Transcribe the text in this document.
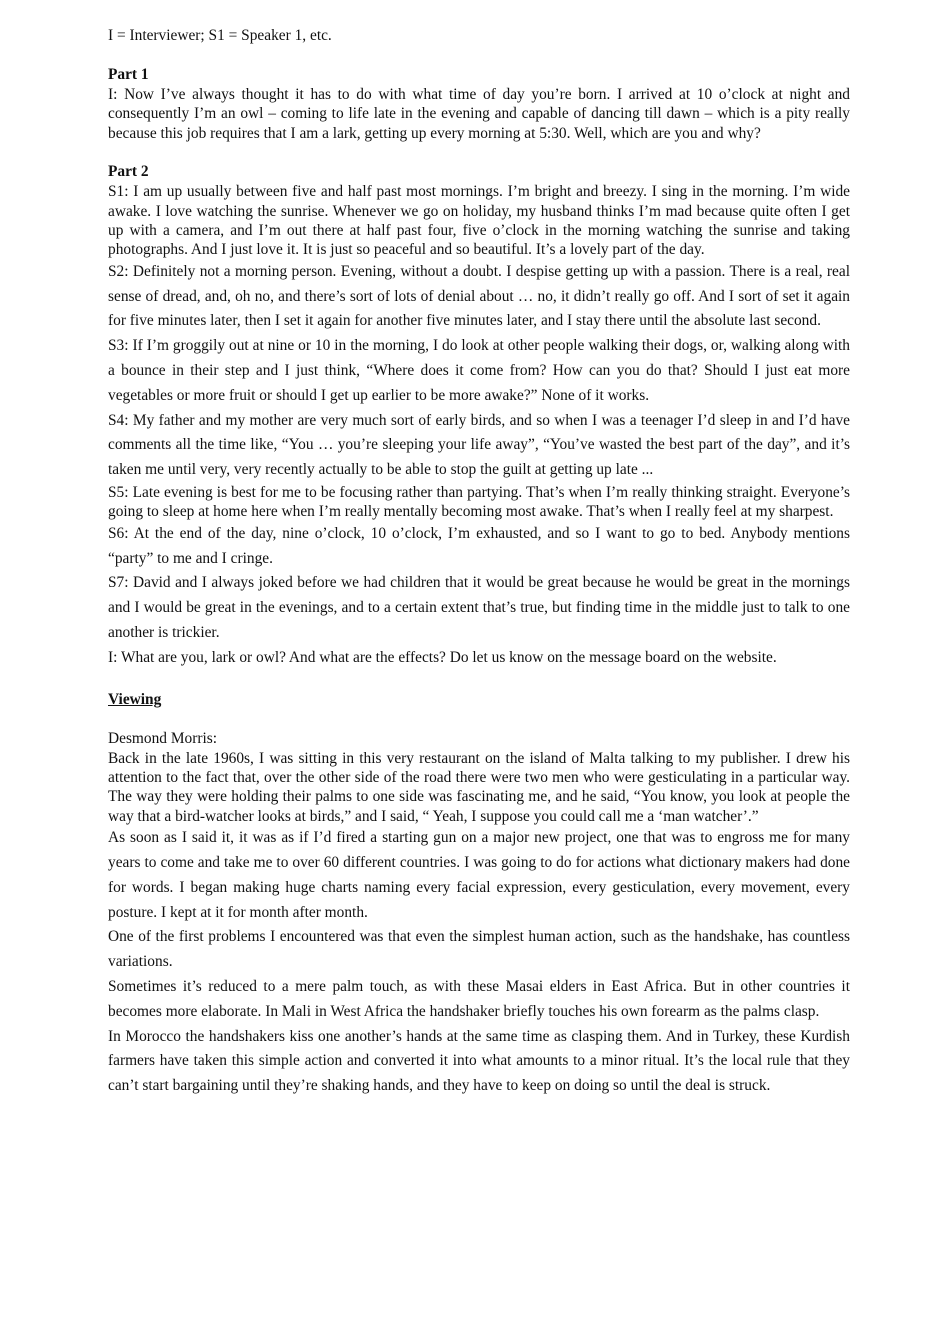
I = Interviewer; S1 = Speaker 1, etc.

Part 1

I: Now I’ve always thought it has to do with what time of day you’re born. I arrived at 10 o’clock at night and consequently I’m an owl – coming to life late in the evening and capable of dancing till dawn – which is a pity really because this job requires that I am a lark, getting up every morning at 5:30. Well, which are you and why?

Part 2

S1: I am up usually between five and half past most mornings. I’m bright and breezy. I sing in the morning. I’m wide awake. I love watching the sunrise. Whenever we go on holiday, my husband thinks I’m mad because quite often I get up with a camera, and I’m out there at half past four, five o’clock in the morning watching the sunrise and taking photographs. And I just love it. It is just so peaceful and so beautiful. It’s a lovely part of the day.

S2: Definitely not a morning person. Evening, without a doubt. I despise getting up with a passion. There is a real, real sense of dread, and, oh no, and there’s sort of lots of denial about … no, it didn’t really go off. And I sort of set it again for five minutes later, then I set it again for another five minutes later, and I stay there until the absolute last second.

S3: If I’m groggily out at nine or 10 in the morning, I do look at other people walking their dogs, or, walking along with a bounce in their step and I just think, “Where does it come from? How can you do that? Should I just eat more vegetables or more fruit or should I get up earlier to be more awake?” None of it works.

S4: My father and my mother are very much sort of early birds, and so when I was a teenager I’d sleep in and I’d have comments all the time like, “You … you’re sleeping your life away”, “You’ve wasted the best part of the day”, and it’s taken me until very, very recently actually to be able to stop the guilt at getting up late ...

S5: Late evening is best for me to be focusing rather than partying. That’s when I’m really thinking straight. Everyone’s going to sleep at home here when I’m really mentally becoming most awake. That’s when I really feel at my sharpest.

S6: At the end of the day, nine o’clock, 10 o’clock, I’m exhausted, and so I want to go to bed. Anybody mentions “party” to me and I cringe.

S7: David and I always joked before we had children that it would be great because he would be great in the mornings and I would be great in the evenings, and to a certain extent that’s true, but finding time in the middle just to talk to one another is trickier.

I: What are you, lark or owl? And what are the effects? Do let us know on the message board on the website.

Viewing

Desmond Morris:

Back in the late 1960s, I was sitting in this very restaurant on the island of Malta talking to my publisher. I drew his attention to the fact that, over the other side of the road there were two men who were gesticulating in a particular way. The way they were holding their palms to one side was fascinating me, and he said, “You know, you look at people the way that a bird-watcher looks at birds,” and I said, “ Yeah, I suppose you could call me a ‘man watcher’.”

As soon as I said it, it was as if I’d fired a starting gun on a major new project, one that was to engross me for many years to come and take me to over 60 different countries. I was going to do for actions what dictionary makers had done for words. I began making huge charts naming every facial expression, every gesticulation, every movement, every posture. I kept at it for month after month.

One of the first problems I encountered was that even the simplest human action, such as the handshake, has countless variations.

Sometimes it’s reduced to a mere palm touch, as with these Masai elders in East Africa. But in other countries it becomes more elaborate. In Mali in West Africa the handshaker briefly touches his own forearm as the palms clasp.

In Morocco the handshakers kiss one another’s hands at the same time as clasping them. And in Turkey, these Kurdish farmers have taken this simple action and converted it into what amounts to a minor ritual. It’s the local rule that they can’t start bargaining until they’re shaking hands, and they have to keep on doing so until the deal is struck.
